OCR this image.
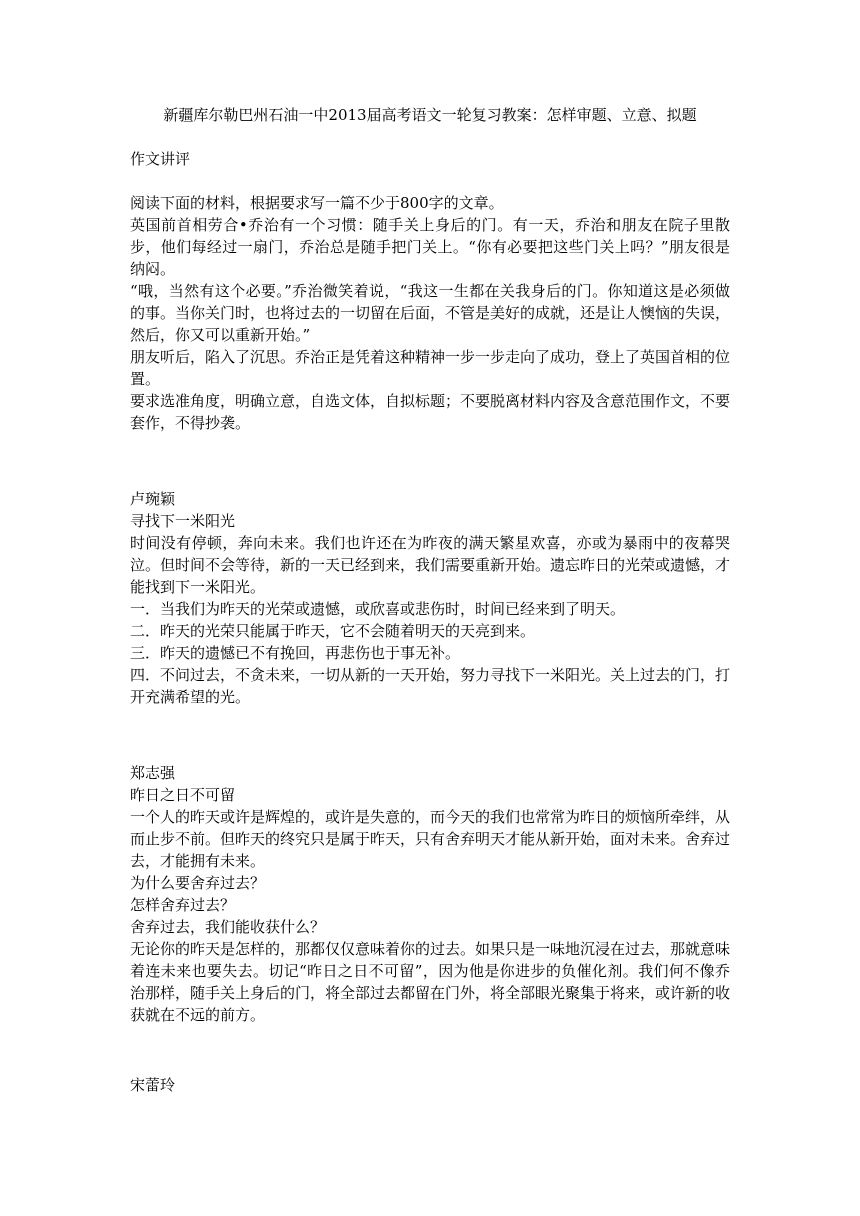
新疆库尔勒巴州石油一中2013届高考语文一轮复习教案：怎样审题、立意、拟题

作文讲评

阅读下面的材料，根据要求写一篇不少于800字的文章。

英国前首相劳合•乔治有一个习惯：随手关上身后的门。有一天，乔治和朋友在院子里散步，他们每经过一扇门，乔治总是随手把门关上。“你有必要把这些门关上吗？”朋友很是纳闷。

“哦，当然有这个必要。”乔治微笑着说，“我这一生都在关我身后的门。你知道这是必须做的事。当你关门时，也将过去的一切留在后面，不管是美好的成就，还是让人懊恼的失误，然后，你又可以重新开始。”

朋友听后，陷入了沉思。乔治正是凭着这种精神一步一步走向了成功，登上了英国首相的位置。

要求选准角度，明确立意，自选文体，自拟标题；不要脱离材料内容及含意范围作文，不要套作，不得抄袭。

卢琬颖

寻找下一米阳光

时间没有停顿，奔向未来。我们也许还在为昨夜的满天繁星欢喜，亦或为暴雨中的夜幕哭泣。但时间不会等待，新的一天已经到来，我们需要重新开始。遗忘昨日的光荣或遗憾，才能找到下一米阳光。

一．当我们为昨天的光荣或遗憾，或欣喜或悲伤时，时间已经来到了明天。

二．昨天的光荣只能属于昨天，它不会随着明天的天亮到来。

三．昨天的遗憾已不有挽回，再悲伤也于事无补。

四．不问过去，不贪未来，一切从新的一天开始，努力寻找下一米阳光。关上过去的门，打开充满希望的光。

郑志强

昨日之日不可留

一个人的昨天或许是辉煌的，或许是失意的，而今天的我们也常常为昨日的烦恼所牵绊，从而止步不前。但昨天的终究只是属于昨天，只有舍弃明天才能从新开始，面对未来。舍弃过去，才能拥有未来。

为什么要舍弃过去？

怎样舍弃过去？

舍弃过去，我们能收获什么？

无论你的昨天是怎样的，那都仅仅意味着你的过去。如果只是一味地沉浸在过去，那就意味着连未来也要失去。切记“昨日之日不可留”，因为他是你进步的负催化剂。我们何不像乔治那样，随手关上身后的门，将全部过去都留在门外，将全部眼光聚集于将来，或许新的收获就在不远的前方。

宋蕾玲
